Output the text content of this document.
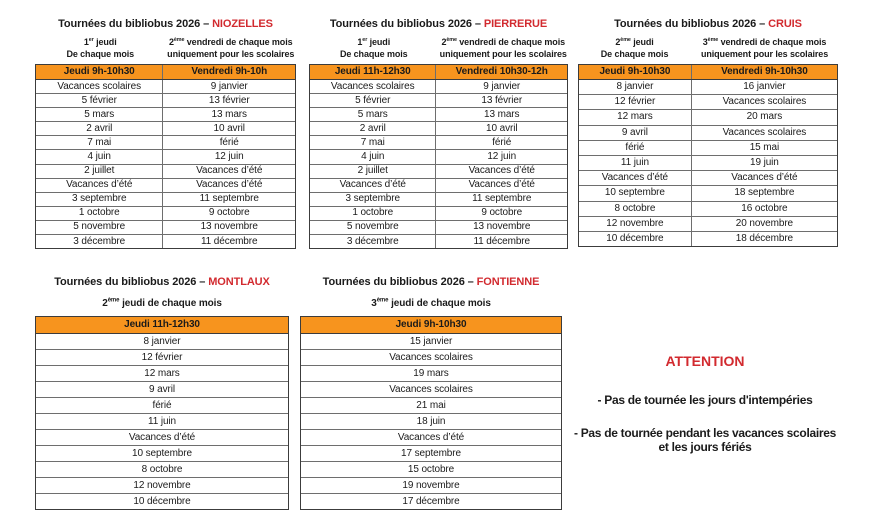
Tournées du bibliobus 2026 – NIOZELLES
1er jeudi
De chaque mois
2ème vendredi de chaque mois
uniquement pour les scolaires
Jeudi 9h-10h30	Vendredi 9h-10h
Vacances scolaires	9 janvier
5 février	13 février
5 mars	13 mars
2 avril	10 avril
7 mai	férié
4 juin	12 juin
2 juillet	Vacances d’été
Vacances d’été	Vacances d’été
3 septembre	11 septembre
1 octobre	9 octobre
5 novembre	13 novembre
3 décembre	11 décembre
Tournées du bibliobus 2026 – PIERRERUE
1er jeudi
De chaque mois
2ème vendredi de chaque mois
uniquement pour les scolaires
Jeudi 11h-12h30	Vendredi 10h30-12h
Vacances scolaires	9 janvier
5 février	13 février
5 mars	13 mars
2 avril	10 avril
7 mai	férié
4 juin	12 juin
2 juillet	Vacances d’été
Vacances d’été	Vacances d’été
3 septembre	11 septembre
1 octobre	9 octobre
5 novembre	13 novembre
3 décembre	11 décembre
Tournées du bibliobus 2026 – CRUIS
2ème jeudi
De chaque mois
3ème vendredi de chaque mois
uniquement pour les scolaires
Jeudi 9h-10h30	Vendredi 9h-10h30
8 janvier	16 janvier
12 février	Vacances scolaires
12 mars	20 mars
9 avril	Vacances scolaires
férié	15 mai
11 juin	19 juin
Vacances d’été	Vacances d’été
10 septembre	18 septembre
8 octobre	16 octobre
12 novembre	20 novembre
10 décembre	18 décembre
Tournées du bibliobus 2026 – MONTLAUX
2ème jeudi de chaque mois
Jeudi 11h-12h30
8 janvier
12 février
12 mars
9 avril
férié
11 juin
Vacances d’été
10 septembre
8 octobre
12 novembre
10 décembre
Tournées du bibliobus 2026 – FONTIENNE
3ème jeudi de chaque mois
Jeudi 9h-10h30
15 janvier
Vacances scolaires
19 mars
Vacances scolaires
21 mai
18 juin
Vacances d’été
17 septembre
15 octobre
19 novembre
17 décembre
ATTENTION
- Pas de tournée les jours d'intempéries
- Pas de tournée pendant les vacances scolaires et les jours fériés
